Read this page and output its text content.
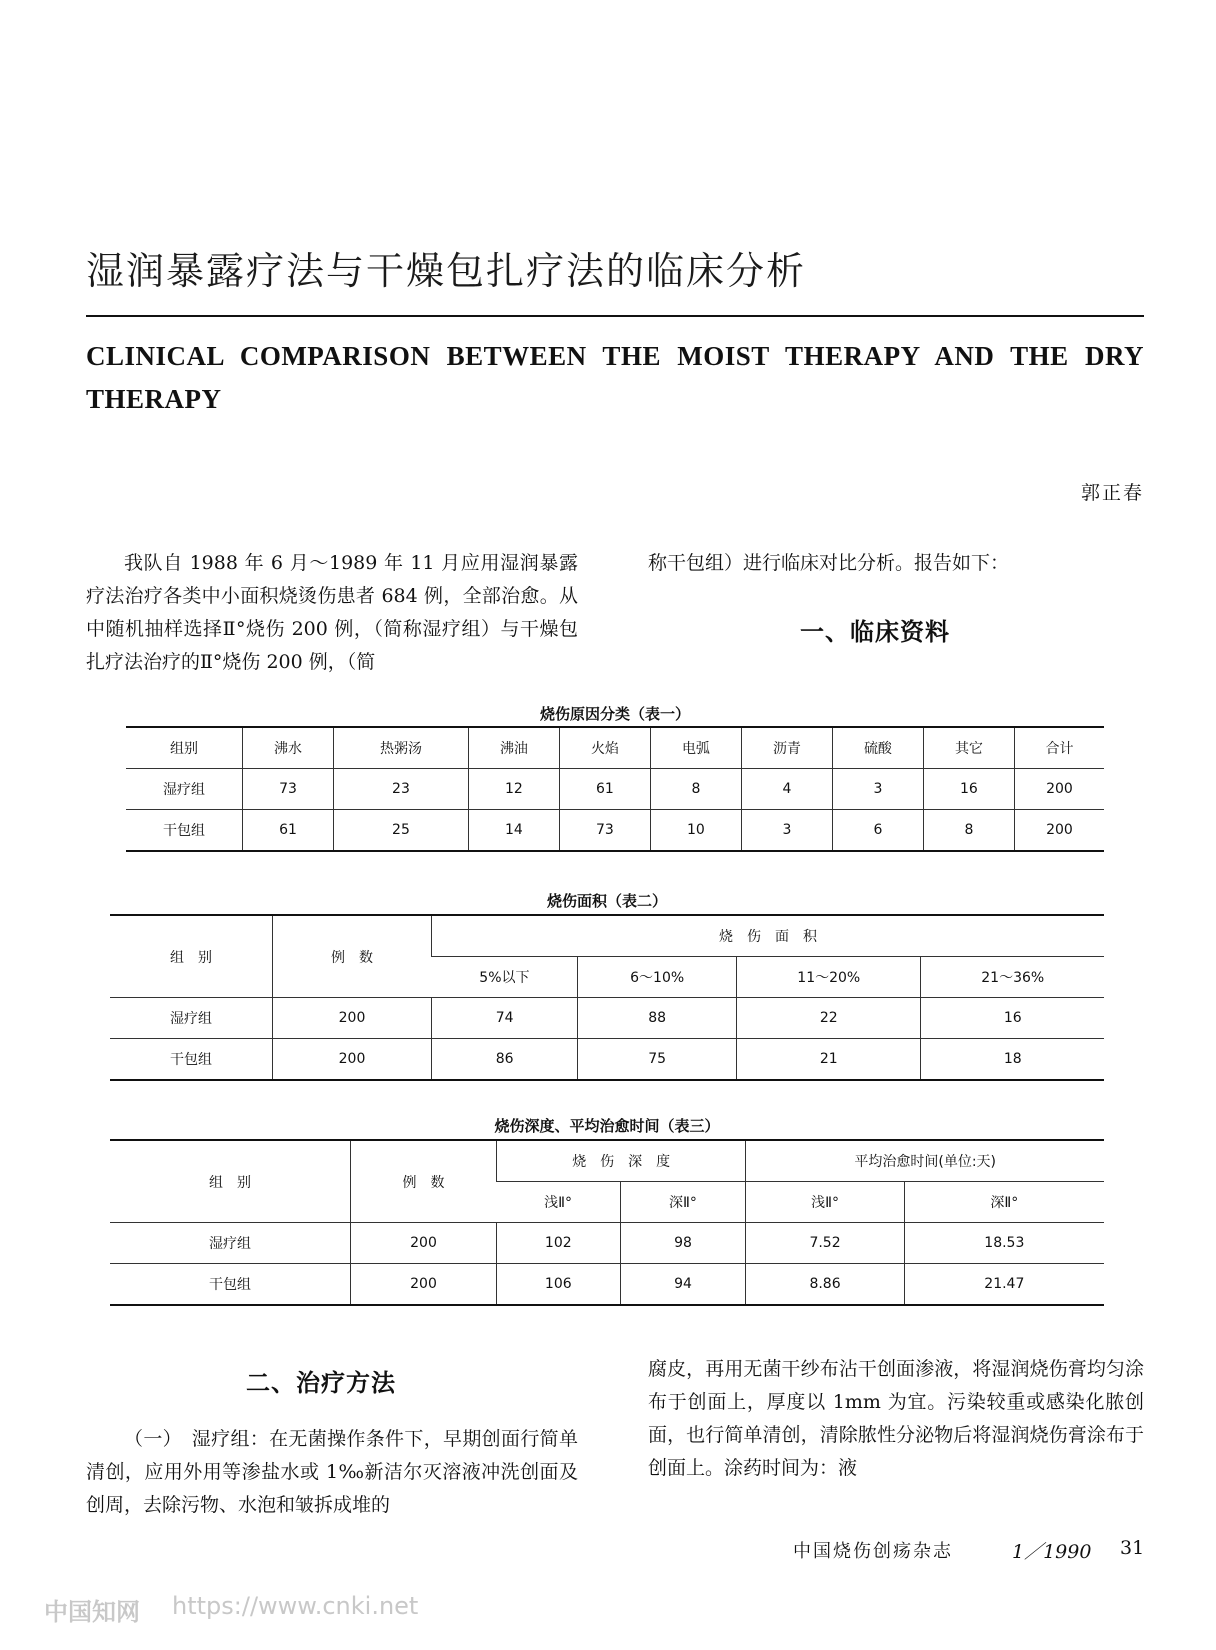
湿润暴露疗法与干燥包扎疗法的临床分析
CLINICAL COMPARISON BETWEEN THE MOIST THERAPY AND THE DRY THERAPY
郭正春

我队自 1988 年 6 月～1989 年 11 月应用湿润暴露疗法治疗各类中小面积烧烫伤患者 684 例，全部治愈。从中随机抽样选择Ⅱ°烧伤 200 例，（简称湿疗组）与干燥包扎疗法治疗的Ⅱ°烧伤 200 例，（简

称干包组）进行临床对比分析。报告如下：

一、临床资料
烧伤原因分类（表一）
组别	沸水	热粥汤	沸油	火焰	电弧	沥青	硫酸	其它	合计
湿疗组	73	23	12	61	8	4	3	16	200
干包组	61	25	14	73	10	3	6	8	200
烧伤面积（表二）
组　别	例　数	烧　伤　面　积			
		5%以下	6～10%	11～20%	21～36%
湿疗组	200	74	88	22	16
干包组	200	86	75	21	18
烧伤深度、平均治愈时间（表三）
组　别	例　数	烧　伤　深　度		平均治愈时间(单位:天)	
		浅Ⅱ°	深Ⅱ°	浅Ⅱ°	深Ⅱ°
湿疗组	200	102	98	7.52	18.53
干包组	200	106	94	8.86	21.47
二、治疗方法

（一）　湿疗组：在无菌操作条件下，早期创面行简单清创，应用外用等渗盐水或 1‰新洁尔灭溶液冲洗创面及创周，去除污物、水泡和皱拆成堆的

腐皮，再用无菌干纱布沾干创面渗液，将湿润烧伤膏均匀涂布于创面上，厚度以 1mm 为宜。污染较重或感染化脓创面，也行简单清创，清除脓性分泌物后将湿润烧伤膏涂布于创面上。涂药时间为：液

中国烧伤创疡杂志	1／1990 31
中国知网 https://www.cnki.net
